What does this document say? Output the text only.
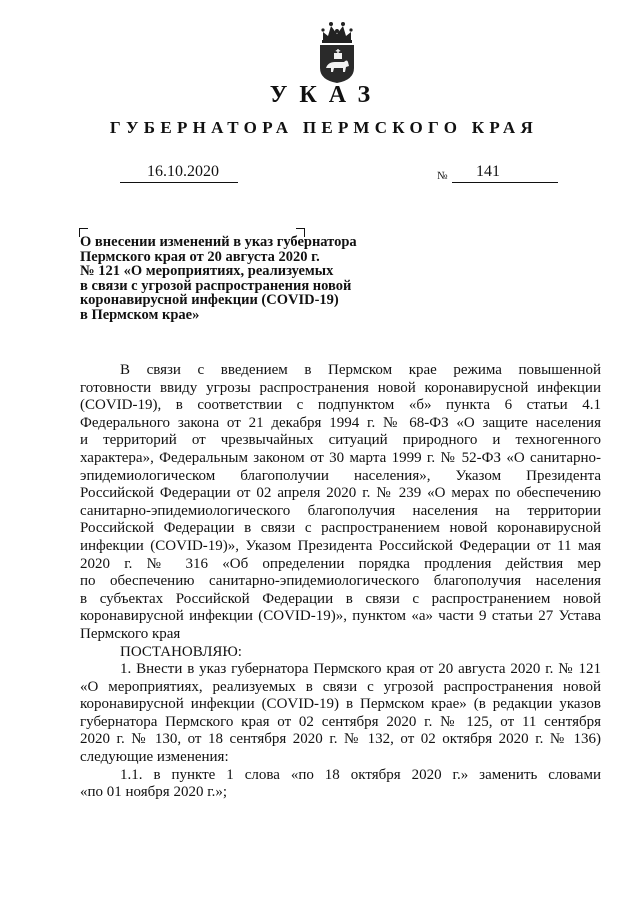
УКАЗ
ГУБЕРНАТОРА ПЕРМСКОГО КРАЯ
16.10.2020	№	141
О внесении изменений в указ губернатора
Пермского края от 20 августа 2020 г.
№ 121 «О мероприятиях, реализуемых
в связи с угрозой распространения новой
коронавирусной инфекции (COVID-19)
в Пермском крае»
В связи с введением в Пермском крае режима повышенной
готовности ввиду угрозы распространения новой коронавирусной инфекции
(COVID-19), в соответствии с подпунктом «б» пункта 6 статьи 4.1
Федерального закона от 21 декабря 1994 г. № 68-ФЗ «О защите населения
и территорий от чрезвычайных ситуаций природного и техногенного
характера», Федеральным законом от 30 марта 1999 г. № 52-ФЗ «О санитарно-
эпидемиологическом благополучии населения», Указом Президента
Российской Федерации от 02 апреля 2020 г. № 239 «О мерах по обеспечению
санитарно-эпидемиологического благополучия населения на территории
Российской Федерации в связи с распространением новой коронавирусной
инфекции (COVID-19)», Указом Президента Российской Федерации от 11 мая
2020 г. № 316 «Об определении порядка продления действия мер
по обеспечению санитарно-эпидемиологического благополучия населения
в субъектах Российской Федерации в связи с распространением новой
коронавирусной инфекции (COVID-19)», пунктом «а» части 9 статьи 27 Устава
Пермского края
ПОСТАНОВЛЯЮ:
1. Внести в указ губернатора Пермского края от 20 августа 2020 г. № 121
«О мероприятиях, реализуемых в связи с угрозой распространения новой
коронавирусной инфекции (COVID-19) в Пермском крае» (в редакции указов
губернатора Пермского края от 02 сентября 2020 г. № 125, от 11 сентября
2020 г. № 130, от 18 сентября 2020 г. № 132, от 02 октября 2020 г. № 136)
следующие изменения:
1.1. в пункте 1 слова «по 18 октября 2020 г.» заменить словами
«по 01 ноября 2020 г.»;
